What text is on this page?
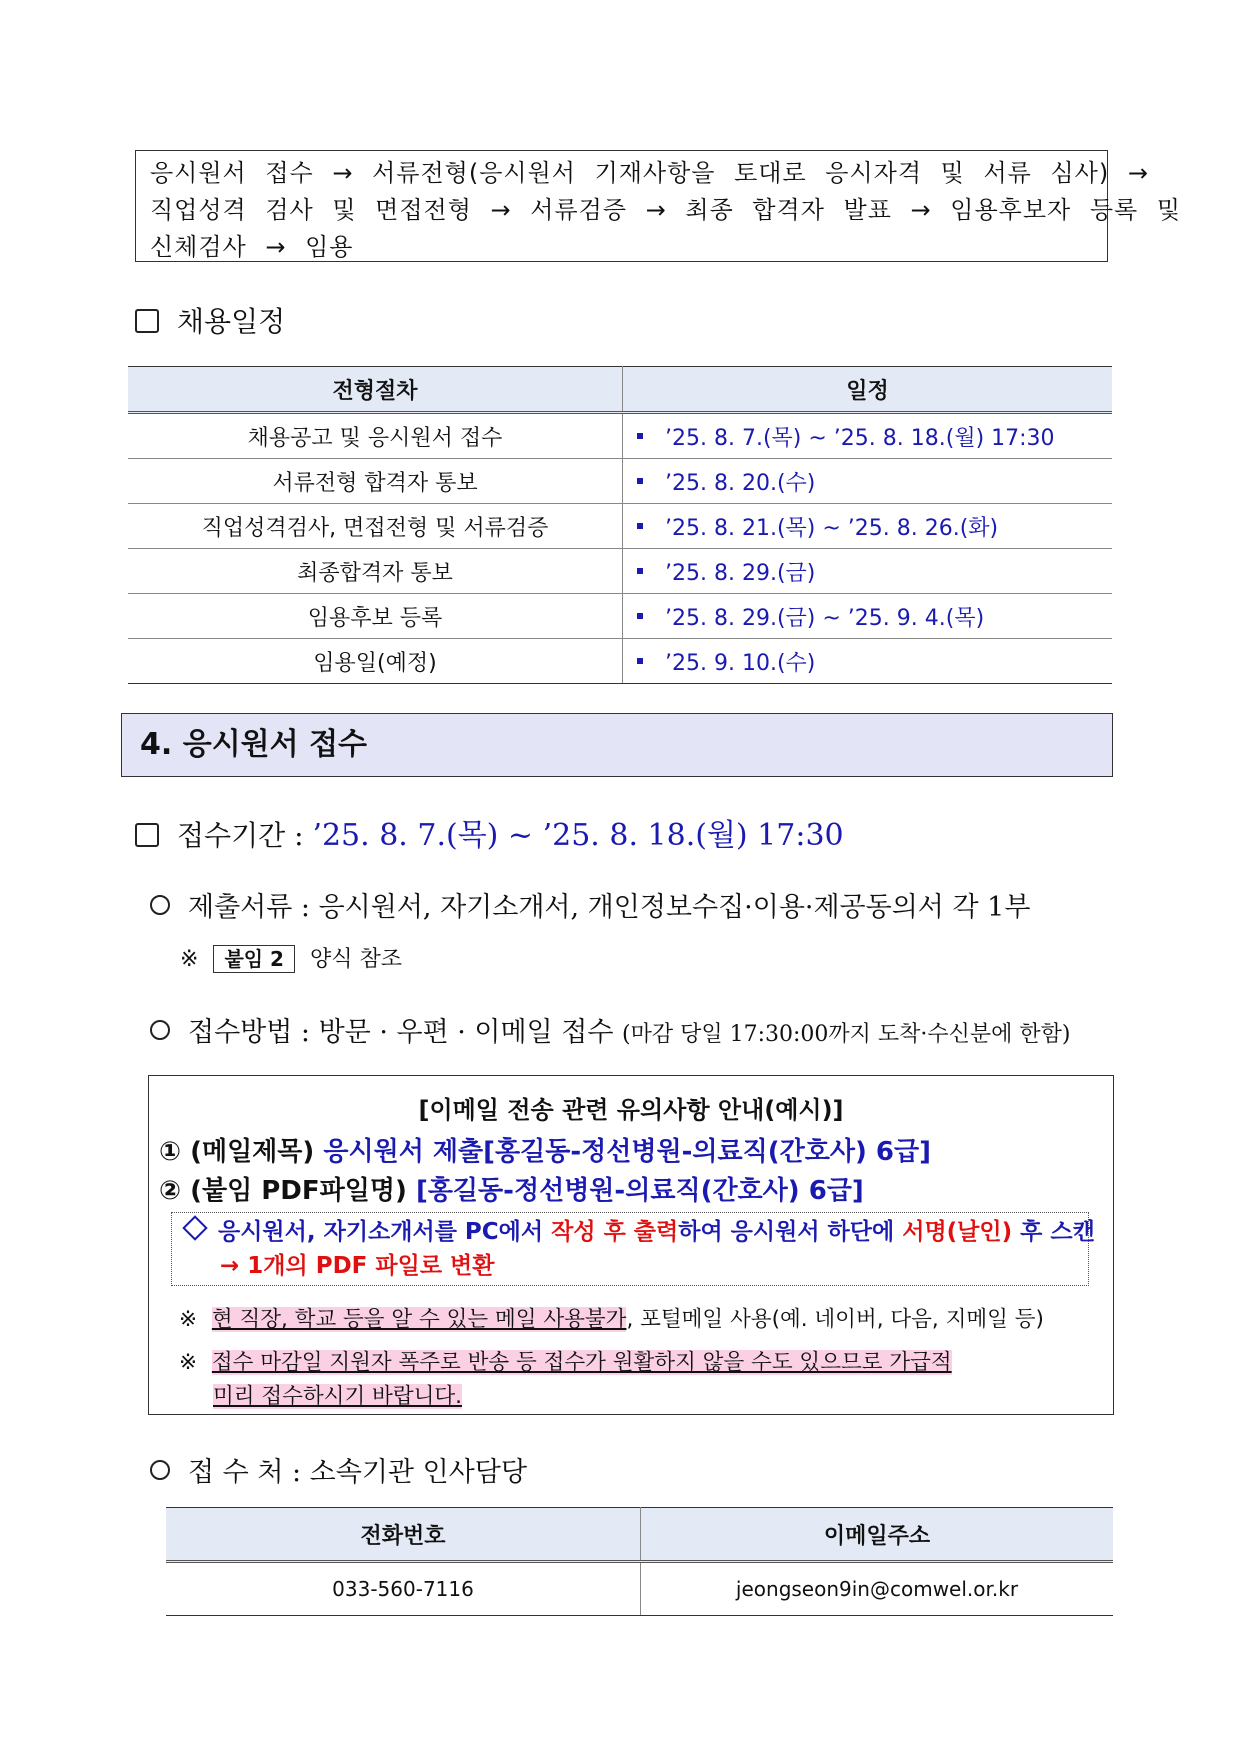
응시원서 접수 → 서류전형(응시원서 기재사항을 토대로 응시자격 및 서류 심사) →
직업성격 검사 및 면접전형 → 서류검증 → 최종 합격자 발표 → 임용후보자 등록 및
신체검사 → 임용
채용일정
전형절차	일정
채용공고 및 응시원서 접수	’25. 8. 7.(목) ~ ’25. 8. 18.(월) 17:30
서류전형 합격자 통보	’25. 8. 20.(수)
직업성격검사, 면접전형 및 서류검증	’25. 8. 21.(목) ~ ’25. 8. 26.(화)
최종합격자 통보	’25. 8. 29.(금)
임용후보 등록	’25. 8. 29.(금) ~ ’25. 9. 4.(목)
임용일(예정)	’25. 9. 10.(수)
4. 응시원서 접수
접수기간 : ’25. 8. 7.(목) ~ ’25. 8. 18.(월) 17:30
제출서류 : 응시원서, 자기소개서, 개인정보수집·이용·제공동의서 각 1부
※ 붙임 2 양식 참조
접수방법 : 방문 · 우편 · 이메일 접수 (마감 당일 17:30:00까지 도착·수신분에 한함)
[이메일 전송 관련 유의사항 안내(예시)]
① (메일제목) 응시원서 제출[홍길동-정선병원-의료직(간호사) 6급]
② (붙임 PDF파일명) [홍길동-정선병원-의료직(간호사) 6급]
응시원서, 자기소개서를 PC에서 작성 후 출력하여 응시원서 하단에 서명(날인) 후 스캔
→ 1개의 PDF 파일로 변환
※ 현 직장, 학교 등을 알 수 있는 메일 사용불가, 포털메일 사용(예. 네이버, 다음, 지메일 등)
※ 접수 마감일 지원자 폭주로 반송 등 접수가 원활하지 않을 수도 있으므로 가급적
미리 접수하시기 바랍니다.
접 수 처 : 소속기관 인사담당
전화번호	이메일주소
033-560-7116	jeongseon9in@comwel.or.kr
